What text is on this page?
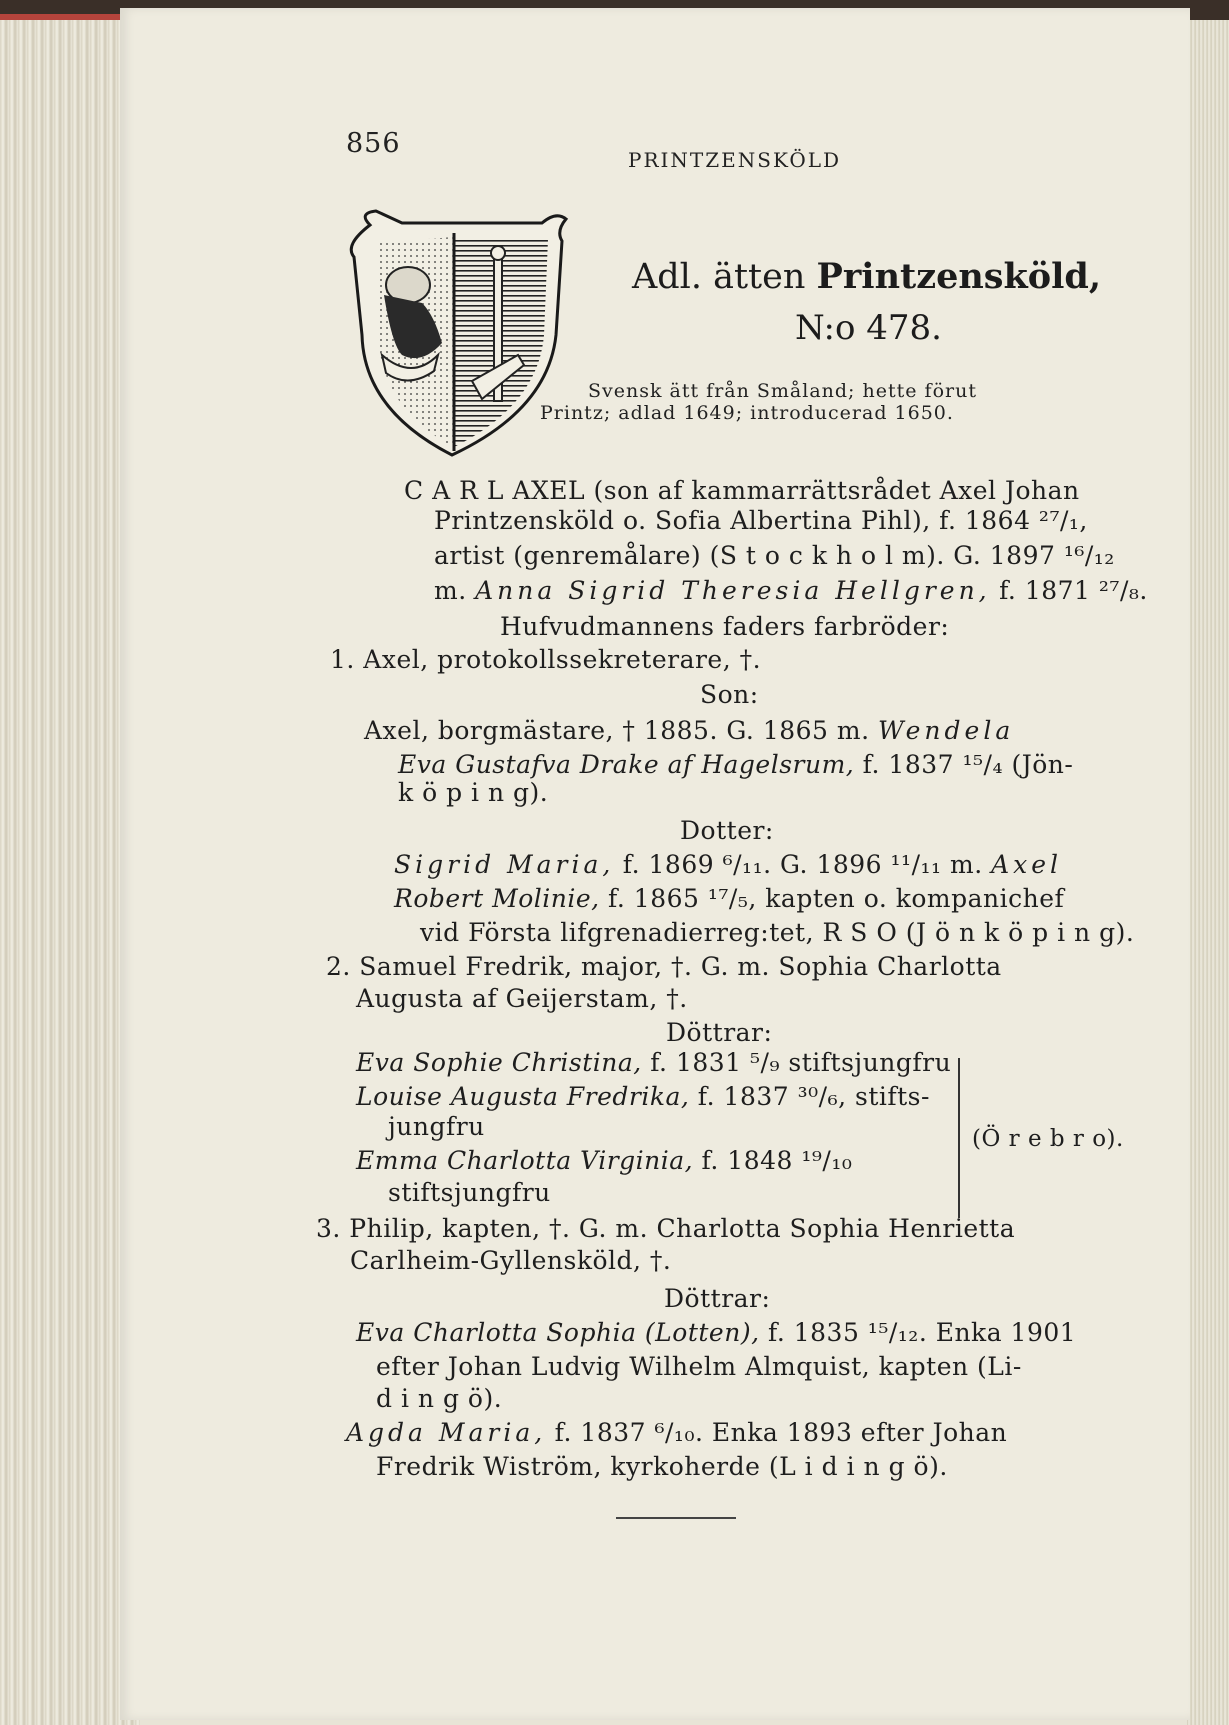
856
PRINTZENSKÖLD
Adl. ätten Printzensköld,
N:o 478.
Svensk ätt från Småland; hette förut
Printz; adlad 1649; introducerad 1650.
C A R L AXEL (son af kammarrättsrådet Axel Johan
Printzensköld o. Sofia Albertina Pihl), f. 1864 ²⁷/₁,
artist (genremålare) (S t o c k h o l m). G. 1897 ¹⁶/₁₂
m. Anna Sigrid Theresia Hellgren, f. 1871 ²⁷/₈.
Hufvudmannens faders farbröder:
1. Axel, protokollssekreterare, †.
Son:
Axel, borgmästare, † 1885. G. 1865 m. Wendela
Eva Gustafva Drake af Hagelsrum, f. 1837 ¹⁵/₄ (Jön-
k ö p i n g).
Dotter:
Sigrid Maria, f. 1869 ⁶/₁₁. G. 1896 ¹¹/₁₁ m. Axel
Robert Molinie, f. 1865 ¹⁷/₅, kapten o. kompanichef
vid Första lifgrenadierreg:tet, R S O (J ö n k ö p i n g).
2. Samuel Fredrik, major, †. G. m. Sophia Charlotta
Augusta af Geijerstam, †.
Döttrar:
Eva Sophie Christina, f. 1831 ⁵/₉ stiftsjungfru
Louise Augusta Fredrika, f. 1837 ³⁰/₆, stifts-
jungfru
Emma Charlotta Virginia, f. 1848 ¹⁹/₁₀
stiftsjungfru
(Ö r e b r o).
3. Philip, kapten, †. G. m. Charlotta Sophia Henrietta
Carlheim-Gyllensköld, †.
Döttrar:
Eva Charlotta Sophia (Lotten), f. 1835 ¹⁵/₁₂. Enka 1901
efter Johan Ludvig Wilhelm Almquist, kapten (Li-
d i n g ö).
Agda Maria, f. 1837 ⁶/₁₀. Enka 1893 efter Johan
Fredrik Wiström, kyrkoherde (L i d i n g ö).
